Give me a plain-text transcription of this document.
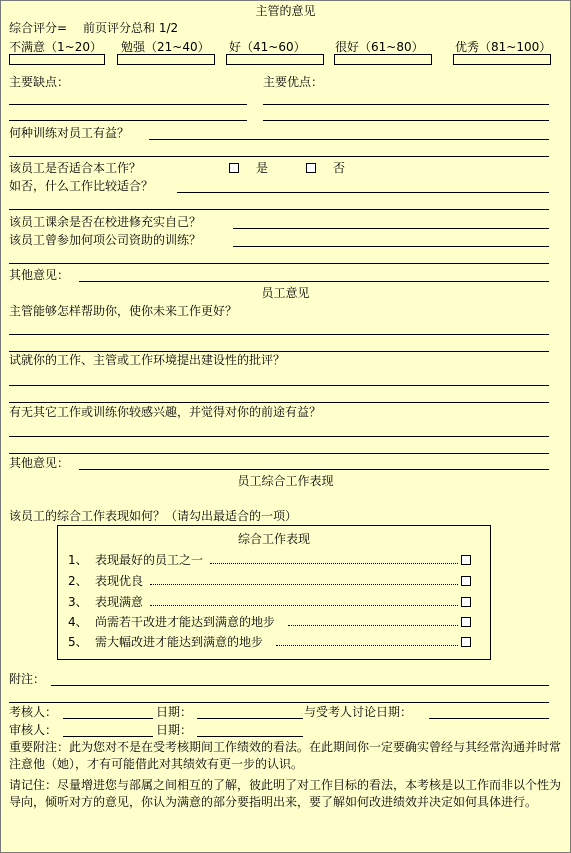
主管的意见
综合评分= 前页评分总和 1/2
不满意（1~20） 勉强（21~40） 好（41~60） 很好（61~80）	优秀（81~100）
主要缺点：	主要优点：
何种训练对员工有益？
该员工是否适合本工作？	是	否
如否，什么工作比较适合？
该员工课余是否在校进修充实自己？
该员工曾参加何项公司资助的训练？
其他意见：
员工意见
主管能够怎样帮助你，使你未来工作更好？
试就你的工作、主管或工作环境提出建设性的批评？
有无其它工作或训练你较感兴趣，并觉得对你的前途有益？
其他意见：
员工综合工作表现
该员工的综合工作表现如何？（请勾出最适合的一项）
综合工作表现
1、 表现最好的员工之一
2、 表现优良
3、 表现满意
4、 尚需若干改进才能达到满意的地步
5、 需大幅改进才能达到满意的地步
附注：
考核人：	日期：	与受考人讨论日期：
审核人：	日期：
重要附注：此为您对不是在受考核期间工作绩效的看法。在此期间你一定要确实曾经与其经常沟通并时常注意他（她），才有可能借此对其绩效有更一步的认识。
请记住：尽量增进您与部属之间相互的了解，彼此明了对工作目标的看法，本考核是以工作而非以个性为导向，倾听对方的意见，你认为满意的部分要指明出来，要了解如何改进绩效并决定如何具体进行。
